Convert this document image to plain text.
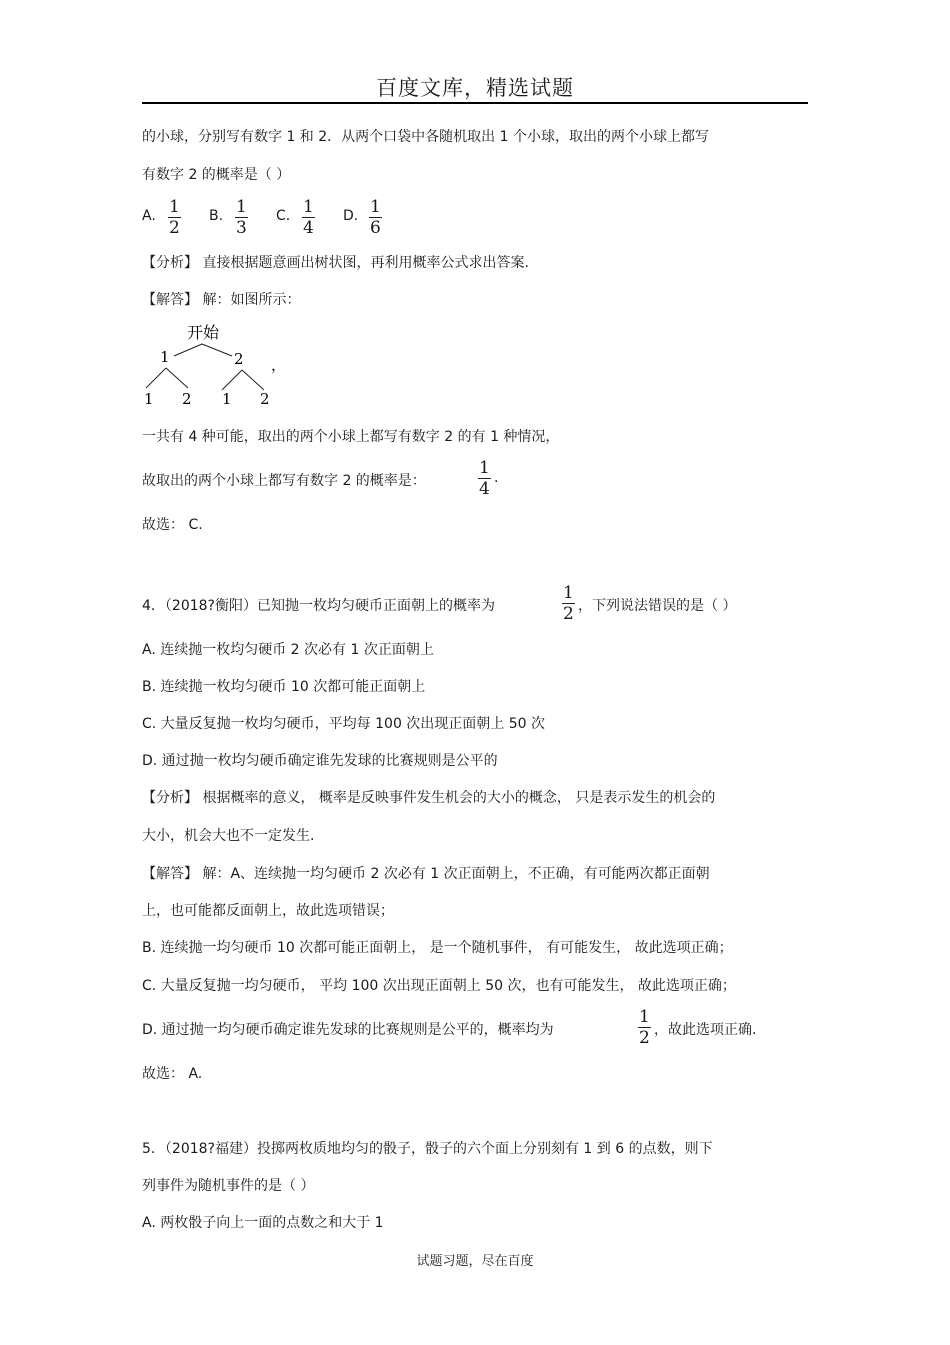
百度文库，精选试题
的小球，分别写有数字 1 和 2．从两个口袋中各随机取出 1 个小球，取出的两个小球上都写
有数字 2 的概率是（ ）
A. 1
2
B. 1
3
C. 1
4
D. 1
6
【分析】 直接根据题意画出树状图，再利用概率公式求出答案.
【解答】 解：如图所示：
开始
1	2
1 2 1 2
，
一共有 4 种可能，取出的两个小球上都写有数字 2 的有 1 种情况，
故取出的两个小球上都写有数字 2 的概率是：
1
4
.
故选： C.
4．（2018?衡阳）已知抛一枚均匀硬币正面朝上的概率为
1
2 ，下列说法错误的是（ ）
A. 连续抛一枚均匀硬币 2 次必有 1 次正面朝上
B. 连续抛一枚均匀硬币 10 次都可能正面朝上
C. 大量反复抛一枚均匀硬币，平均每 100 次出现正面朝上 50 次
D. 通过抛一枚均匀硬币确定谁先发球的比赛规则是公平的
【分析】 根据概率的意义， 概率是反映事件发生机会的大小的概念， 只是表示发生的机会的
大小，机会大也不一定发生.
【解答】 解：A、连续抛一均匀硬币 2 次必有 1 次正面朝上，不正确，有可能两次都正面朝
上，也可能都反面朝上，故此选项错误；
B. 连续抛一均匀硬币 10 次都可能正面朝上， 是一个随机事件， 有可能发生， 故此选项正确；
C. 大量反复抛一均匀硬币， 平均 100 次出现正面朝上 50 次，也有可能发生， 故此选项正确；
D. 通过抛一均匀硬币确定谁先发球的比赛规则是公平的，概率均为
1
2 ，故此选项正确.
故选： A.
5．（2018?福建）投掷两枚质地均匀的骰子，骰子的六个面上分别刻有 1 到 6 的点数，则下
列事件为随机事件的是（ ）
A. 两枚骰子向上一面的点数之和大于 1
试题习题，尽在百度
